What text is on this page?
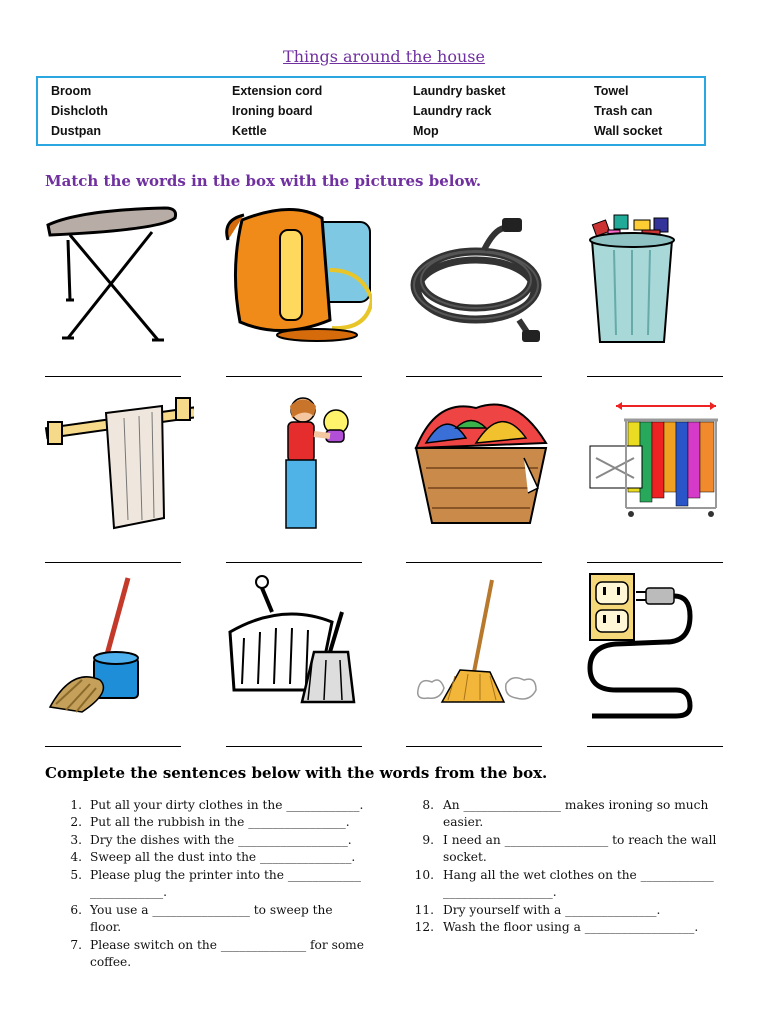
Things around the house
Broom
Dishcloth
Dustpan
Extension cord
Ironing board
Kettle
Laundry basket
Laundry rack
Mop
Towel
Trash can
Wall socket
Match the words in the box with the pictures below.
Complete the sentences below with the words from the box.
1. Put all your dirty clothes in the ____________.
2. Put all the rubbish in the ________________.
3. Dry the dishes with the __________________.
4. Sweep all the dust into the _______________.
5. Please plug the printer into the ____________
____________.
6. You use a ________________ to sweep the
floor.
7. Please switch on the ______________ for some
coffee.
8. An ________________ makes ironing so much
easier.
9. I need an _________________ to reach the wall
socket.
10. Hang all the wet clothes on the ____________
__________________.
11. Dry yourself with a _______________.
12. Wash the floor using a __________________.
